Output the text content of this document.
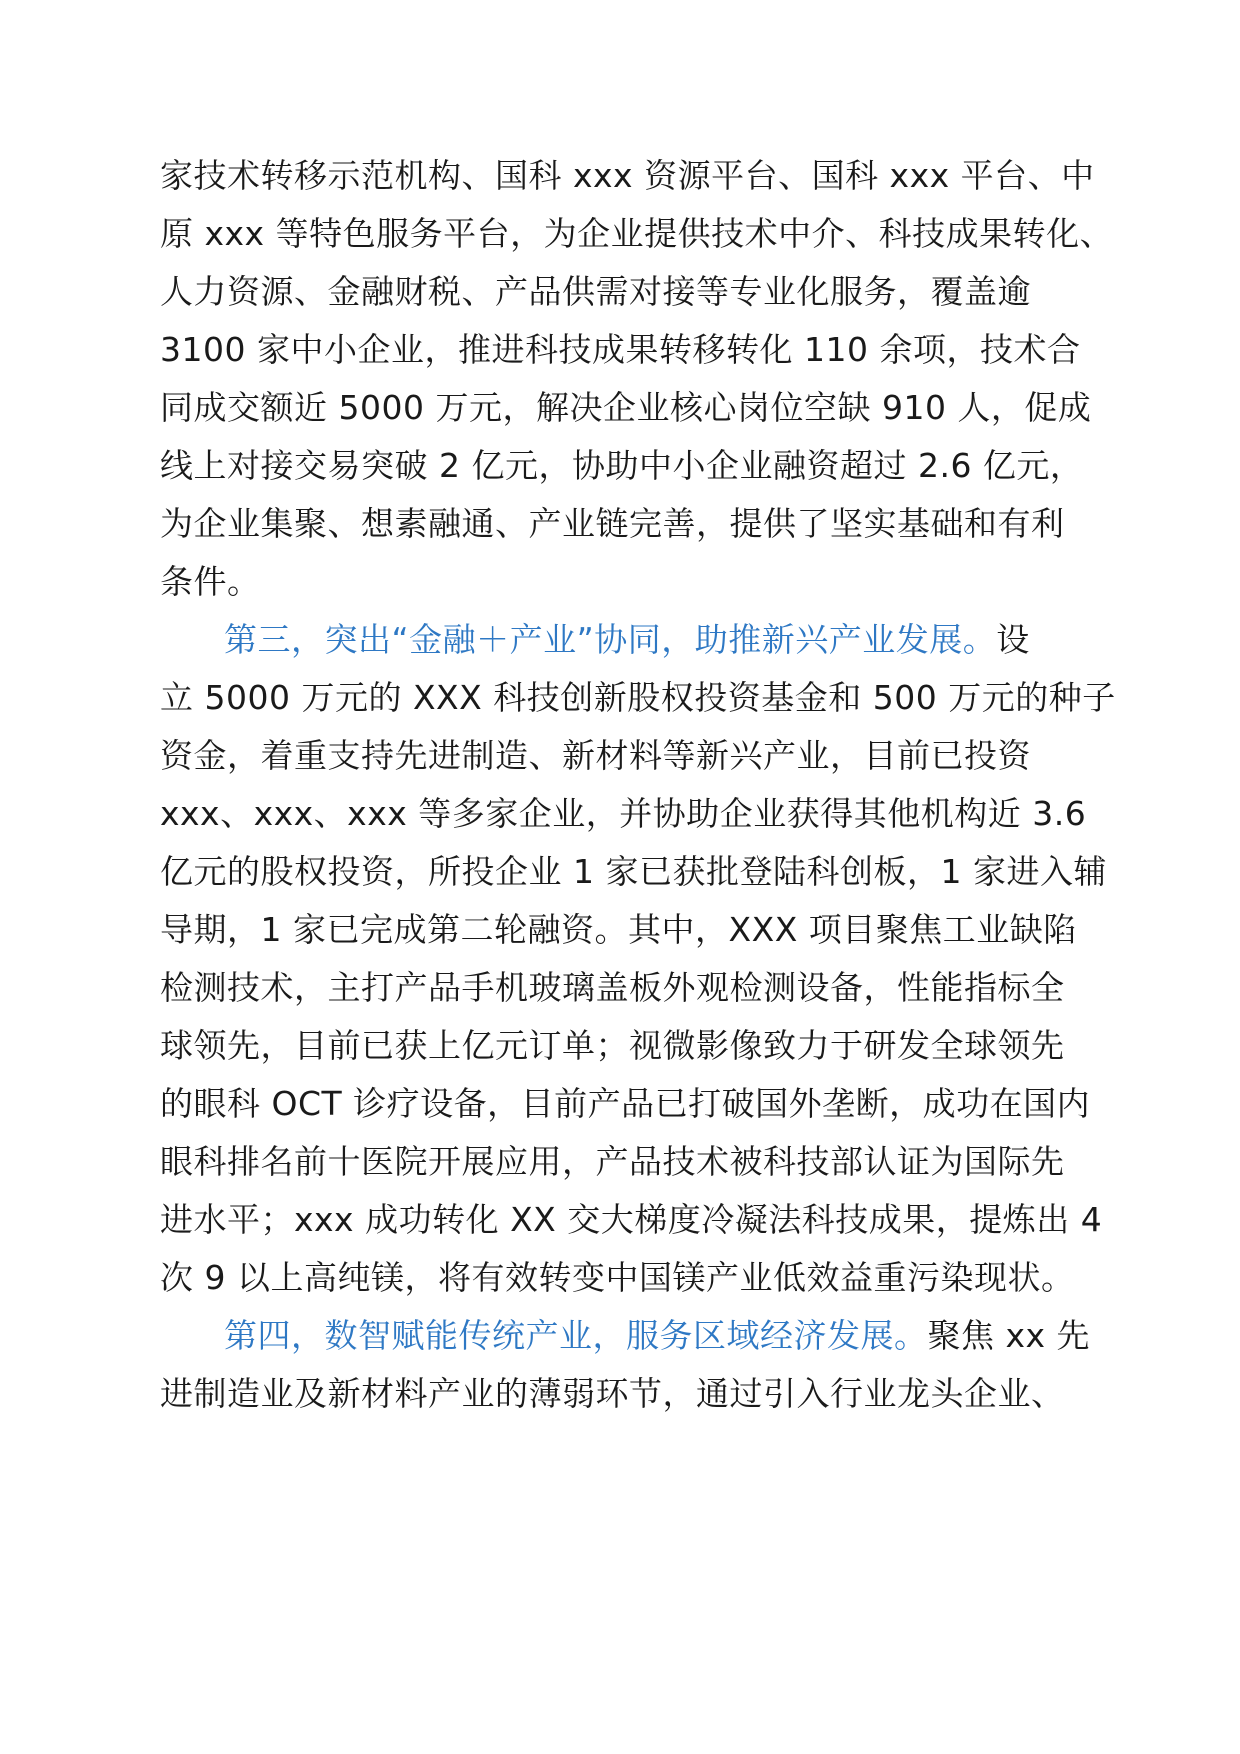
家技术转移示范机构、国科 xxx 资源平台、国科 xxx 平台、中
原 xxx 等特色服务平台，为企业提供技术中介、科技成果转化、
人力资源、金融财税、产品供需对接等专业化服务，覆盖逾
3100 家中小企业，推进科技成果转移转化 110 余项，技术合
同成交额近 5000 万元，解决企业核心岗位空缺 910 人，促成
线上对接交易突破 2 亿元，协助中小企业融资超过 2.6 亿元，
为企业集聚、想素融通、产业链完善，提供了坚实基础和有利
条件。
第三，突出“金融＋产业”协同，助推新兴产业发展。设
立 5000 万元的 XXX 科技创新股权投资基金和 500 万元的种子
资金，着重支持先进制造、新材料等新兴产业，目前已投资
xxx、xxx、xxx 等多家企业，并协助企业获得其他机构近 3.6
亿元的股权投资，所投企业 1 家已获批登陆科创板，1 家进入辅
导期，1 家已完成第二轮融资。其中，XXX 项目聚焦工业缺陷
检测技术，主打产品手机玻璃盖板外观检测设备，性能指标全
球领先，目前已获上亿元订单；视微影像致力于研发全球领先
的眼科 OCT 诊疗设备，目前产品已打破国外垄断，成功在国内
眼科排名前十医院开展应用，产品技术被科技部认证为国际先
进水平；xxx 成功转化 XX 交大梯度冷凝法科技成果，提炼出 4
次 9 以上高纯镁，将有效转变中国镁产业低效益重污染现状。
第四，数智赋能传统产业，服务区域经济发展。聚焦 xx 先
进制造业及新材料产业的薄弱环节，通过引入行业龙头企业、
